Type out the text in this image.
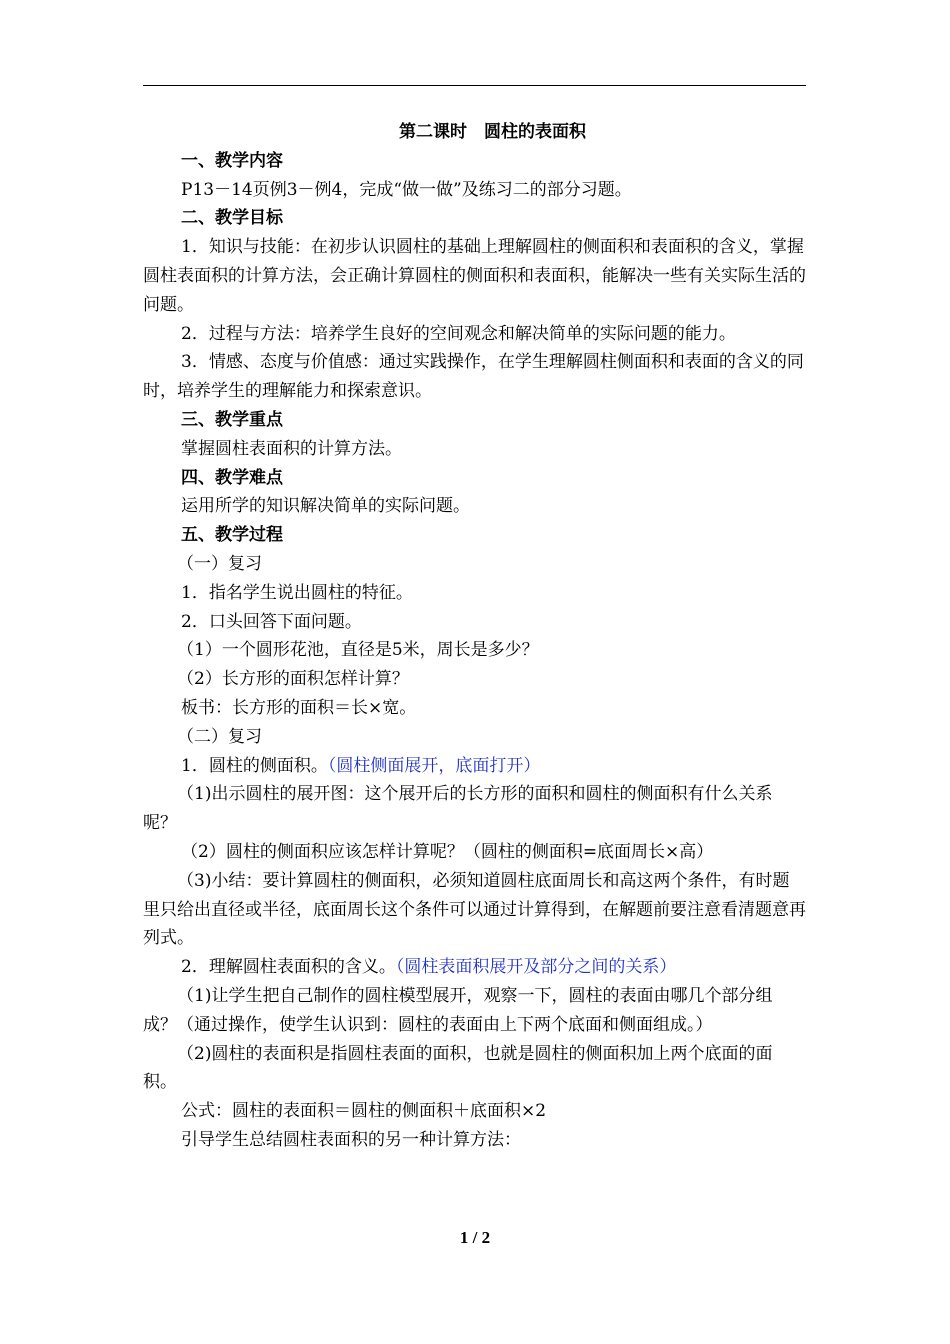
第二课时　圆柱的表面积

一、教学内容

P13－14页例3－例4，完成“做一做”及练习二的部分习题。

二、教学目标

1．知识与技能：在初步认识圆柱的基础上理解圆柱的侧面积和表面积的含义，掌握圆柱表面积的计算方法，会正确计算圆柱的侧面积和表面积，能解决一些有关实际生活的问题。

2．过程与方法：培养学生良好的空间观念和解决简单的实际问题的能力。

3．情感、态度与价值感：通过实践操作，在学生理解圆柱侧面积和表面的含义的同时，培养学生的理解能力和探索意识。

三、教学重点

掌握圆柱表面积的计算方法。

四、教学难点

运用所学的知识解决简单的实际问题。

五、教学过程

（一）复习

1．指名学生说出圆柱的特征。

2．口头回答下面问题。

（1）一个圆形花池，直径是5米，周长是多少？

（2）长方形的面积怎样计算？

板书：长方形的面积＝长×宽。

（二）复习

1．圆柱的侧面积。（圆柱侧面展开，底面打开）

（1)出示圆柱的展开图：这个展开后的长方形的面积和圆柱的侧面积有什么关系呢？

（2）圆柱的侧面积应该怎样计算呢？（圆柱的侧面积=底面周长×高）

（3)小结：要计算圆柱的侧面积，必须知道圆柱底面周长和高这两个条件，有时题里只给出直径或半径，底面周长这个条件可以通过计算得到，在解题前要注意看清题意再列式。

2．理解圆柱表面积的含义。（圆柱表面积展开及部分之间的关系）

（1)让学生把自己制作的圆柱模型展开，观察一下，圆柱的表面由哪几个部分组成？（通过操作，使学生认识到：圆柱的表面由上下两个底面和侧面组成。）

（2)圆柱的表面积是指圆柱表面的面积，也就是圆柱的侧面积加上两个底面的面积。

公式：圆柱的表面积＝圆柱的侧面积＋底面积×2

引导学生总结圆柱表面积的另一种计算方法：

1 / 2
